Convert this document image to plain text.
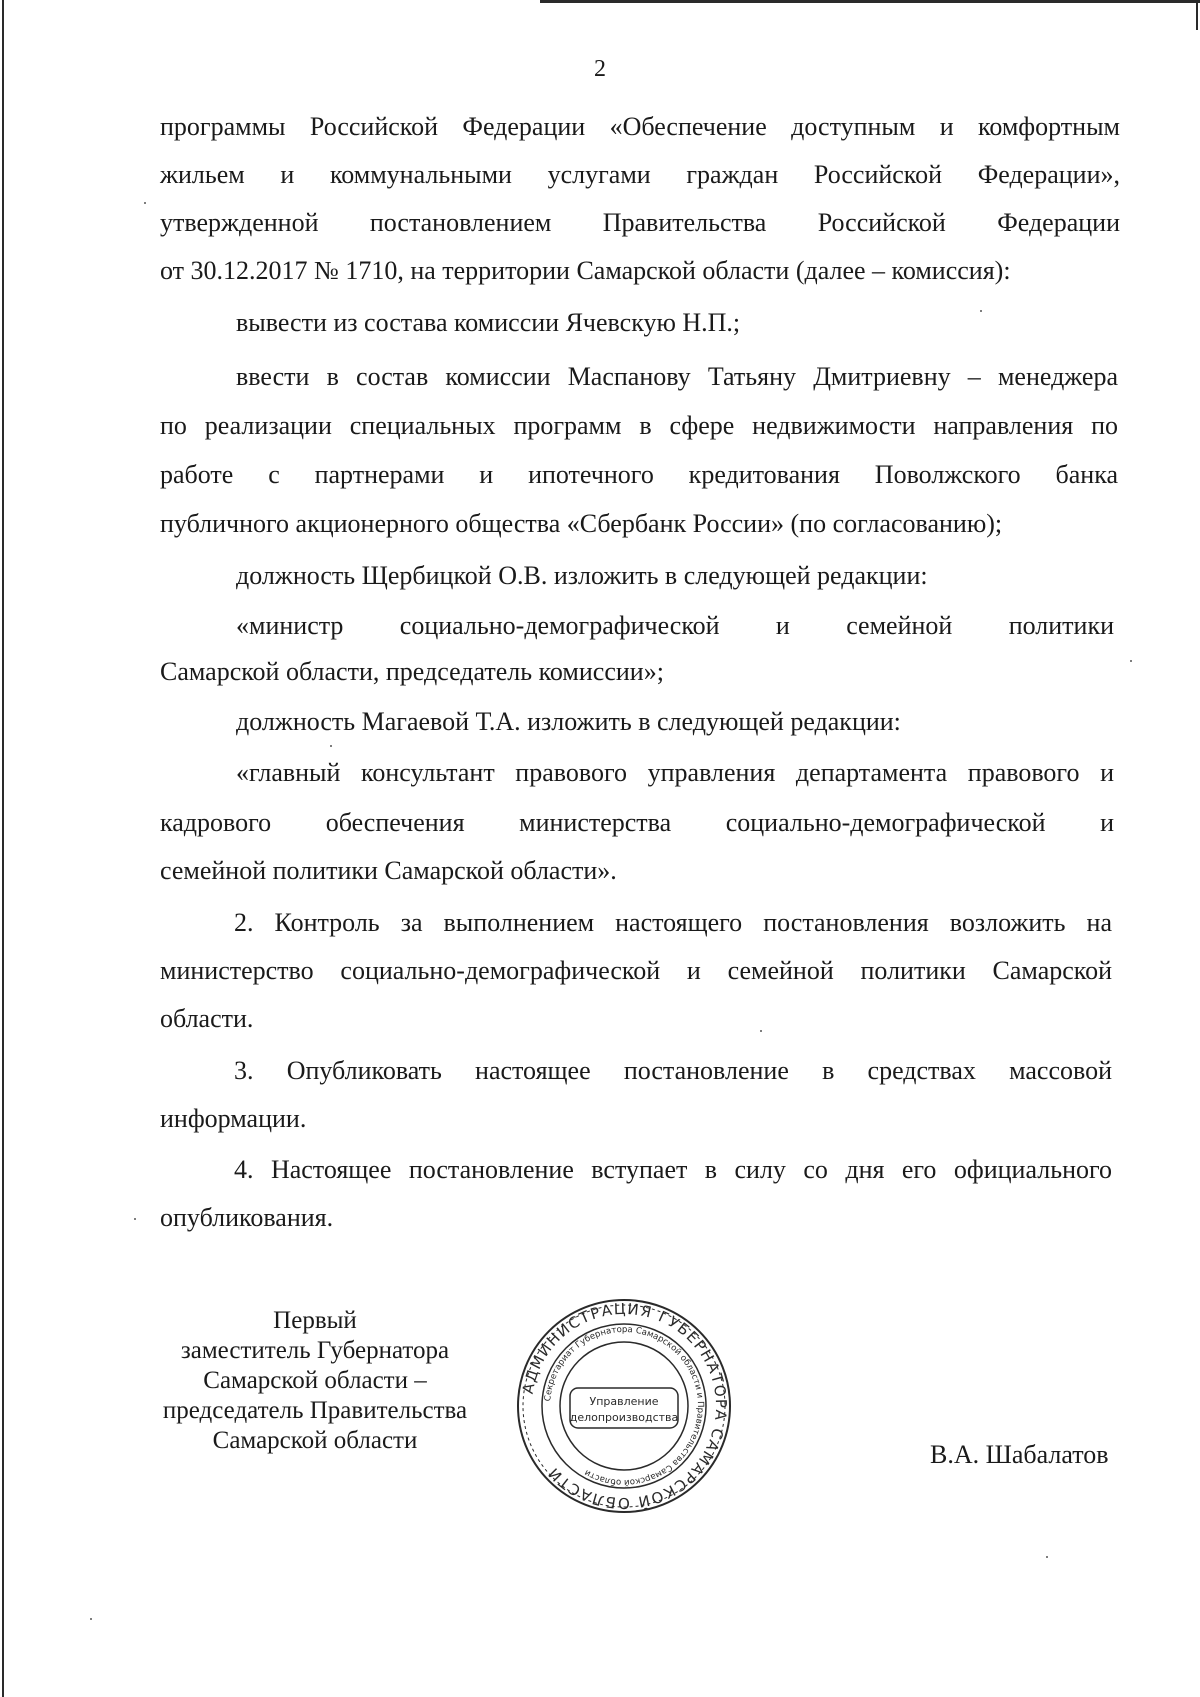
2
программы Российской Федерации «Обеспечение доступным и комфортным
жильем и коммунальными услугами граждан Российской Федерации»,
утвержденной постановлением Правительства Российской Федерации
от 30.12.2017 № 1710, на территории Самарской области (далее – комиссия):
вывести из состава комиссии Ячевскую Н.П.;
ввести в состав комиссии Маспанову Татьяну Дмитриевну – менеджера
по реализации специальных программ в сфере недвижимости направления по
работе с партнерами и ипотечного кредитования Поволжского банка
публичного акционерного общества «Сбербанк России» (по согласованию);
должность Щербицкой О.В. изложить в следующей редакции:
«министр социально-демографической и семейной политики
Самарской области, председатель комиссии»;
должность Магаевой Т.А. изложить в следующей редакции:
«главный консультант правового управления департамента правового и
кадрового обеспечения министерства социально-демографической и
семейной политики Самарской области».
2. Контроль за выполнением настоящего постановления возложить на
министерство социально-демографической и семейной политики Самарской
области.
3. Опубликовать настоящее постановление в средствах массовой
информации.
4. Настоящее постановление вступает в силу со дня его официального
опубликования.
Первый
заместитель Губернатора
Самарской области –
председатель Правительства
Самарской области
АДМИНИСТРАЦИЯ ГУБЕРНАТОРА САМАРСКОЙ ОБЛАСТИ
Секретариат Губернатора Самарской области и Правительства Самарской области
Управление
делопроизводства
В.А. Шабалатов
